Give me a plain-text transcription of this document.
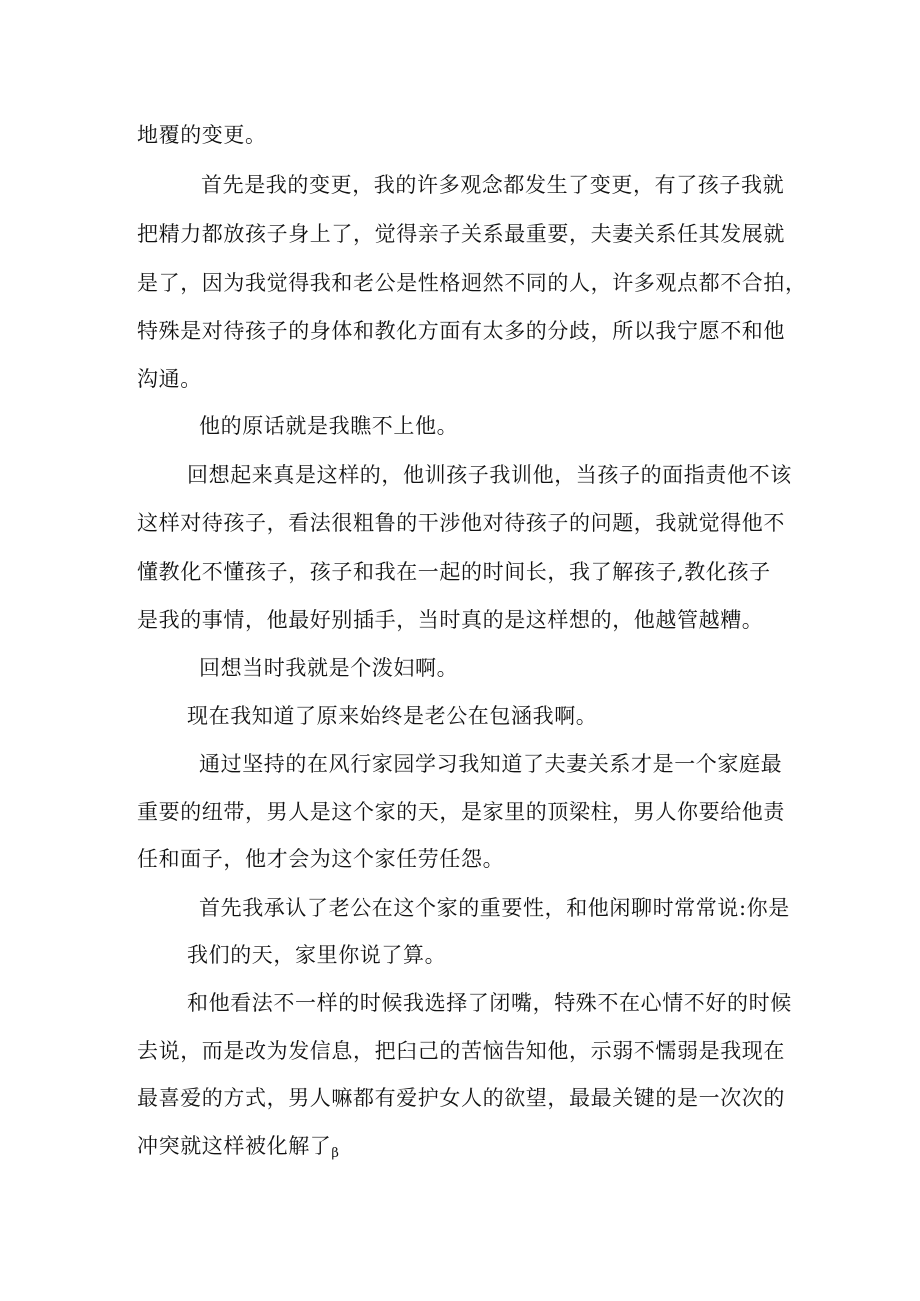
地覆的变更。
首先是我的变更，我的许多观念都发生了变更，有了孩子我就
把精力都放孩子身上了，觉得亲子关系最重要，夫妻关系任其发展就
是了，因为我觉得我和老公是性格迥然不同的人，许多观点都不合拍，
特殊是对待孩子的身体和教化方面有太多的分歧，所以我宁愿不和他
沟通。
他的原话就是我瞧不上他。
回想起来真是这样的，他训孩子我训他，当孩子的面指责他不该
这样对待孩子，看法很粗鲁的干涉他对待孩子的问题，我就觉得他不
懂教化不懂孩子，孩子和我在一起的时间长，我了解孩子,教化孩子
是我的事情，他最好别插手，当时真的是这样想的，他越管越糟。
回想当时我就是个泼妇啊。
现在我知道了原来始终是老公在包涵我啊。
通过坚持的在风行家园学习我知道了夫妻关系才是一个家庭最
重要的纽带，男人是这个家的天，是家里的顶梁柱，男人你要给他责
任和面子，他才会为这个家任劳任怨。
首先我承认了老公在这个家的重要性，和他闲聊时常常说:你是
我们的天，家里你说了算。
和他看法不一样的时候我选择了闭嘴，特殊不在心情不好的时候
去说，而是改为发信息，把臼己的苦恼告知他，示弱不懦弱是我现在
最喜爱的方式，男人嘛都有爱护女人的欲望，最最关键的是一次次的
冲突就这样被化解了β
